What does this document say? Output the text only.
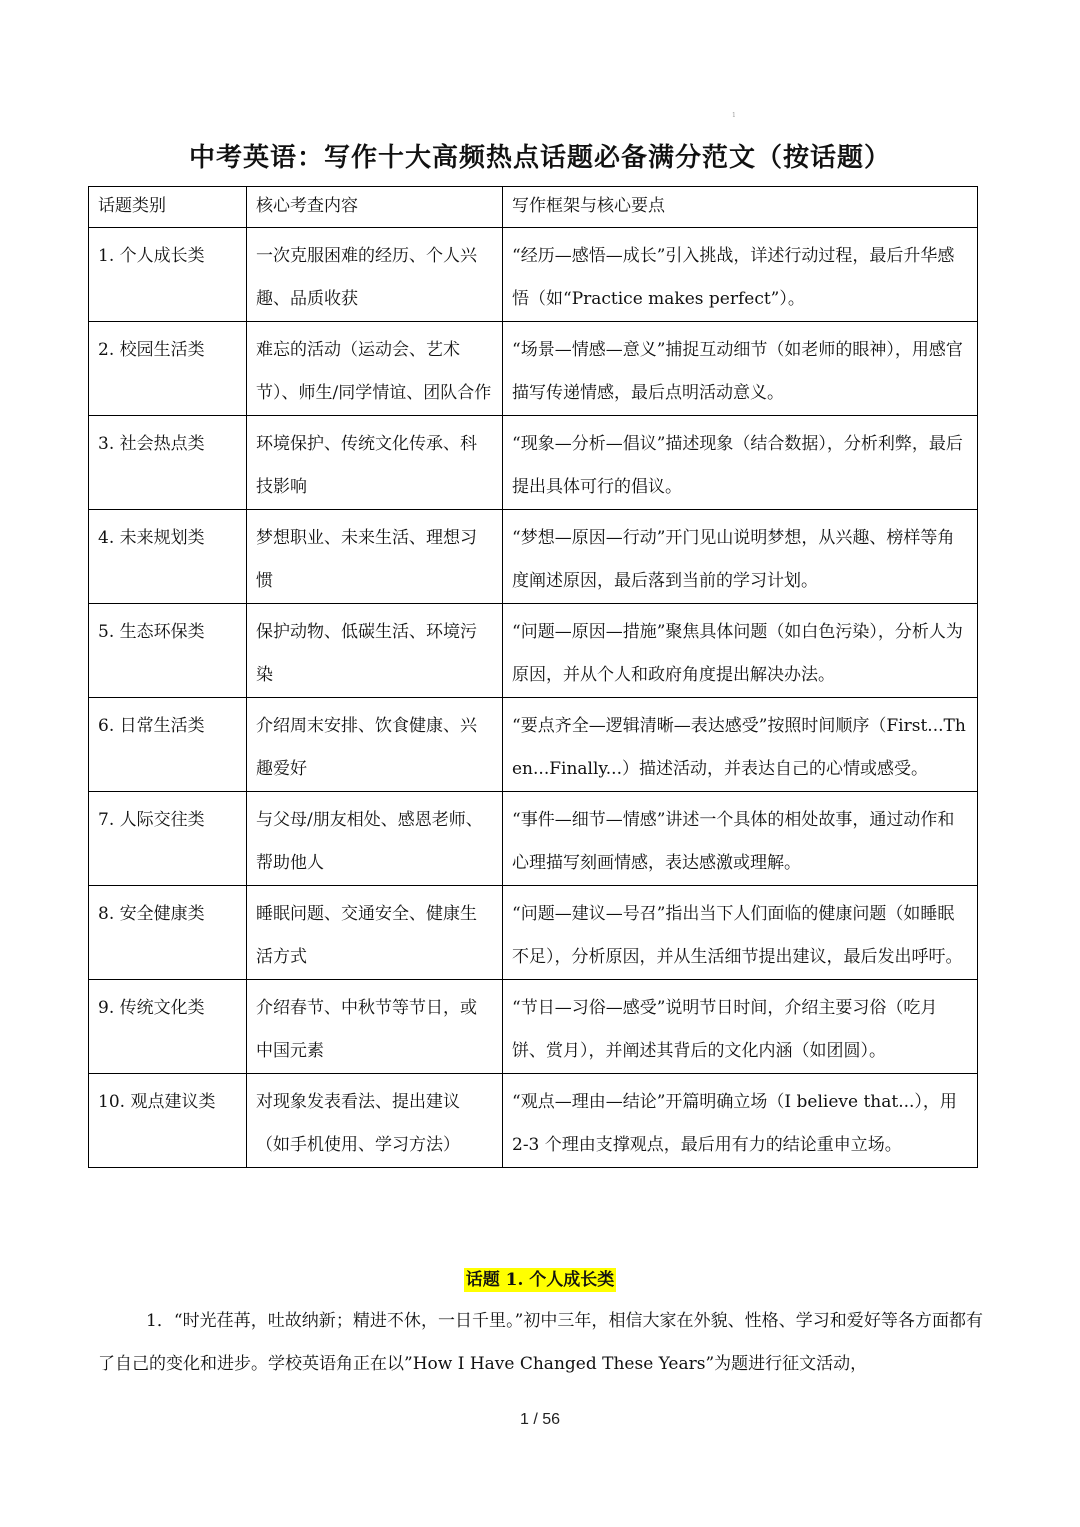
1
中考英语：写作十大高频热点话题必备满分范文（按话题）
话题类别	核心考查内容	写作框架与核心要点
1. 个人成长类	一次克服困难的经历、个人兴趣、品质收获	“经历—感悟—成长”引入挑战，详述行动过程，最后升华感悟（如“Practice makes perfect”）。
2. 校园生活类	难忘的活动（运动会、艺术节）、师生/同学情谊、团队合作	“场景—情感—意义”捕捉互动细节（如老师的眼神），用感官描写传递情感，最后点明活动意义。
3. 社会热点类	环境保护、传统文化传承、科技影响	“现象—分析—倡议”描述现象（结合数据），分析利弊，最后提出具体可行的倡议。
4. 未来规划类	梦想职业、未来生活、理想习惯	“梦想—原因—行动”开门见山说明梦想，从兴趣、榜样等角度阐述原因，最后落到当前的学习计划。
5. 生态环保类	保护动物、低碳生活、环境污染	“问题—原因—措施”聚焦具体问题（如白色污染），分析人为原因，并从个人和政府角度提出解决办法。
6. 日常生活类	介绍周末安排、饮食健康、兴趣爱好	“要点齐全—逻辑清晰—表达感受”按照时间顺序（First...Then...Finally...）描述活动，并表达自己的心情或感受。
7. 人际交往类	与父母/朋友相处、感恩老师、帮助他人	“事件—细节—情感”讲述一个具体的相处故事，通过动作和心理描写刻画情感，表达感激或理解。
8. 安全健康类	睡眠问题、交通安全、健康生活方式	“问题—建议—号召”指出当下人们面临的健康问题（如睡眠不足），分析原因，并从生活细节提出建议，最后发出呼吁。
9. 传统文化类	介绍春节、中秋节等节日，或中国元素	“节日—习俗—感受”说明节日时间，介绍主要习俗（吃月饼、赏月），并阐述其背后的文化内涵（如团圆）。
10. 观点建议类	对现象发表看法、提出建议（如手机使用、学习方法）	“观点—理由—结论”开篇明确立场（I believe that...），用 2-3 个理由支撑观点，最后用有力的结论重申立场。
话题 1. 个人成长类

1．“时光荏苒，吐故纳新；精进不休，一日千里。”初中三年，相信大家在外貌、性格、学习和爱好等各方面都有了自己的变化和进步。学校英语角正在以”How I Have Changed These Years”为题进行征文活动，

1 / 56
